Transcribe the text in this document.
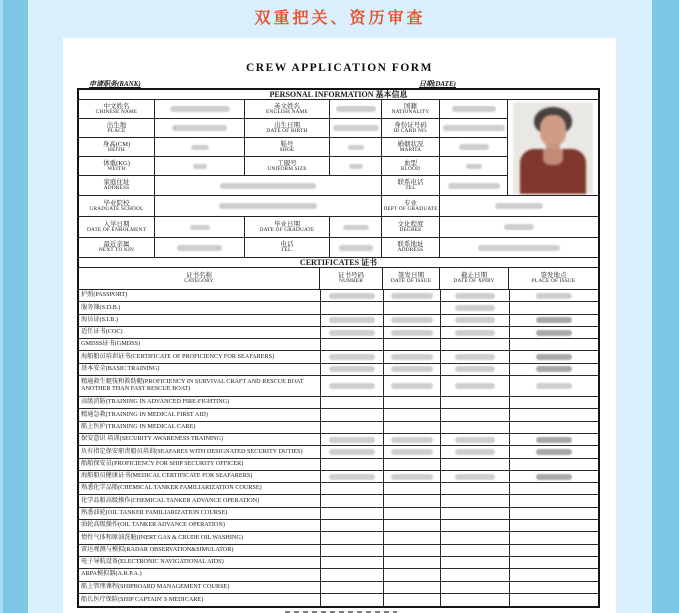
双重把关、资历审查
CREW APPLICATION FORM
申请职务(RANK)	日期(DATE)
PERSONAL INFORMATION 基本信息
中文姓名
CHINESE NAME
英文姓名
ENGLISH NAME
国籍
NATIONALITY
出生地
PLACE
出生日期
DATE OF BIRTH
身份证号码
ID CARD NO.
身高(CM)
HEITH
鞋号
SHOE
婚姻状况
MARITA
体重(KG)
WEITH
工服号
UNIFORM SIZE
血型
BLOOD
家庭住址
ADDRESS
联系电话
TEL
毕业院校
GRADUATE SCHOOL
专业
DEPT OF GRADUATE
入学日期
DATE OF ENROLMENT
毕业日期
DATE OF GRADUATE
文化程度
DEGREE
最近亲属
NEXT TO KIN
电话
TEL.
联系地址
ADDRESS
CERTIFICATES 证书
证书名称
CATEGORY
证书号码
NUMBER
签发日期
DATE OF ISSUE
截止日期
DATE OF XPIRY
签发地点
PLACE OF ISSUE
护照(PASSPORT)
服务簿(S.D.B.)
海员证(S.I.B.)
适任证书(COC)
GMDSS证书(GMDSS)
海船船员培训证书(CERTIFICATE OF PROFICIENCY FOR SEAFARERS)
基本安全(BASIC TRAINING)
精通救生艇筏和救助艇(PROFICIENCY IN SURVIVAL CRAFT AND RESCUE BOAT ANOTHER THAN FAST RESCUE BOAT)
高级消防(TRAINING IN ADVANCED FIRE-FIGHTING)
精通急救(TRAINING IN MEDICAL FIRST AID)
船上医护(TRAINING IN MEDICAL CARE)
保安意识 培训(SECURITY AWARENESS TRAINING)
负有指定保安职责船员培训(SEAFARES WITH DESIGNATED SECURITY DUTIES)
船舶保安员(PROFICIENCY FOR SHIP SECURITY OFFICER)
海船船员健康证书(MEDICAL CERTIFICATE FOR SEAFARERS)
熟悉化学品船(CHEMICAL TANKER FAMILIARIZATION COURSE)
化学品船高级操作(CHEMICAL TANKER ADVANCE OPERATION)
熟悉油轮(OIL TANKER FAMILIARIZATION COURSE)
油轮高级操作(OIL TANKER ADVANCE OPERATION)
惰性气体和原油洗舱(INERT GAS & CRUDE OIL WASHING)
雷达观测与模拟(RADAR OBSERVATION&SIMULATOR)
电子导航设备(ELECTRONIC NAVIGATIONAL AIDS)
ARPA模拟器(A.R.P.A.)
船上管理课程(SHIPBOARD MANAGEMENT COURSE)
船长医疗保险(SHIP CAPTAIN' S MEDICARE)
